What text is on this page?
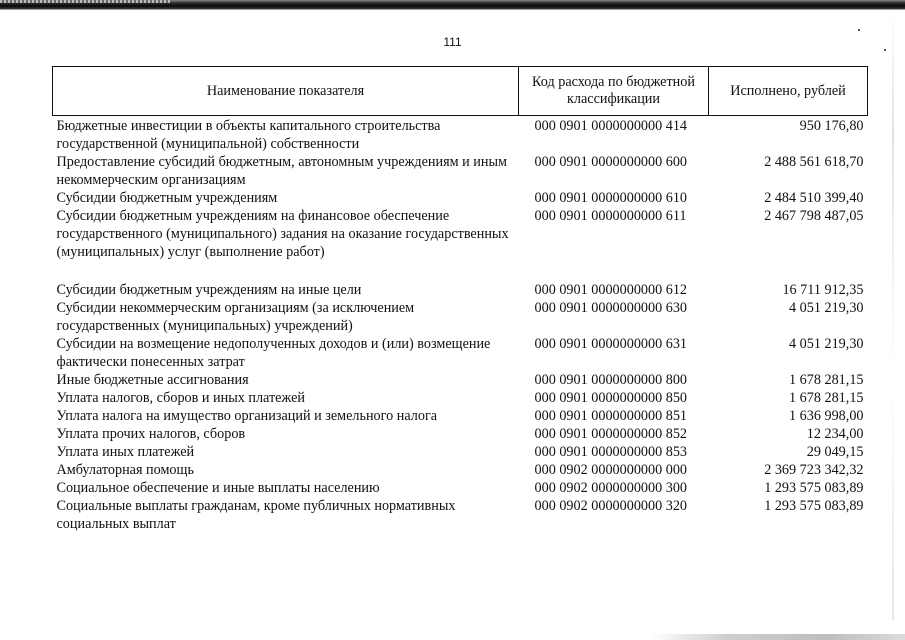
111
Наименование показателя	Код расхода по бюджетной классификации	Исполнено, рублей
Бюджетные инвестиции в объекты капитального строительства государственной (муниципальной) собственности	000 0901 0000000000 414	950 176,80
Предоставление субсидий бюджетным, автономным учреждениям и иным некоммерческим организациям	000 0901 0000000000 600	2 488 561 618,70
Субсидии бюджетным учреждениям	000 0901 0000000000 610	2 484 510 399,40
Субсидии бюджетным учреждениям на финансовое обеспечение государственного (муниципального) задания на оказание государственных (муниципальных) услуг (выполнение работ)	000 0901 0000000000 611	2 467 798 487,05

Субсидии бюджетным учреждениям на иные цели	000 0901 0000000000 612	16 711 912,35
Субсидии некоммерческим организациям (за исключением государственных (муниципальных) учреждений)	000 0901 0000000000 630	4 051 219,30
Субсидии на возмещение недополученных доходов и (или) возмещение фактически понесенных затрат	000 0901 0000000000 631	4 051 219,30
Иные бюджетные ассигнования	000 0901 0000000000 800	1 678 281,15
Уплата налогов, сборов и иных платежей	000 0901 0000000000 850	1 678 281,15
Уплата налога на имущество организаций и земельного налога	000 0901 0000000000 851	1 636 998,00
Уплата прочих налогов, сборов	000 0901 0000000000 852	12 234,00
Уплата иных платежей	000 0901 0000000000 853	29 049,15
Амбулаторная помощь	000 0902 0000000000 000	2 369 723 342,32
Социальное обеспечение и иные выплаты населению	000 0902 0000000000 300	1 293 575 083,89
Социальные выплаты гражданам, кроме публичных нормативных социальных выплат	000 0902 0000000000 320	1 293 575 083,89
